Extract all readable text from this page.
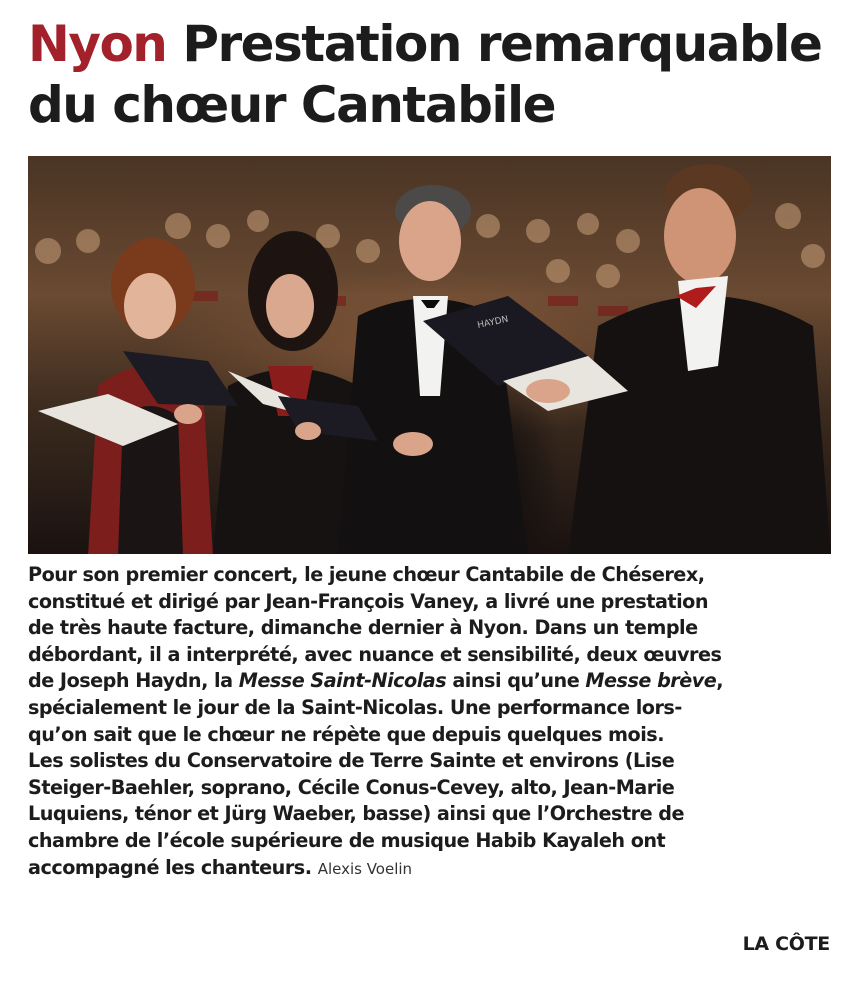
Nyon Prestation remarquable
du chœur Cantabile
HAYDN

Pour son premier concert, le jeune chœur Cantabile de Chéserex,
constitué et dirigé par Jean-François Vaney, a livré une prestation
de très haute facture, dimanche dernier à Nyon. Dans un temple
débordant, il a interprété, avec nuance et sensibilité, deux œuvres
de Joseph Haydn, la Messe Saint-Nicolas ainsi qu’une Messe brève,
spécialement le jour de la Saint-Nicolas. Une performance lors-
qu’on sait que le chœur ne répète que depuis quelques mois.
Les solistes du Conservatoire de Terre Sainte et environs (Lise
Steiger-Baehler, soprano, Cécile Conus-Cevey, alto, Jean-Marie
Luquiens, ténor et Jürg Waeber, basse) ainsi que l’Orchestre de
chambre de l’école supérieure de musique Habib Kayaleh ont
accompagné les chanteurs. Alexis Voelin

LA CÔTE
